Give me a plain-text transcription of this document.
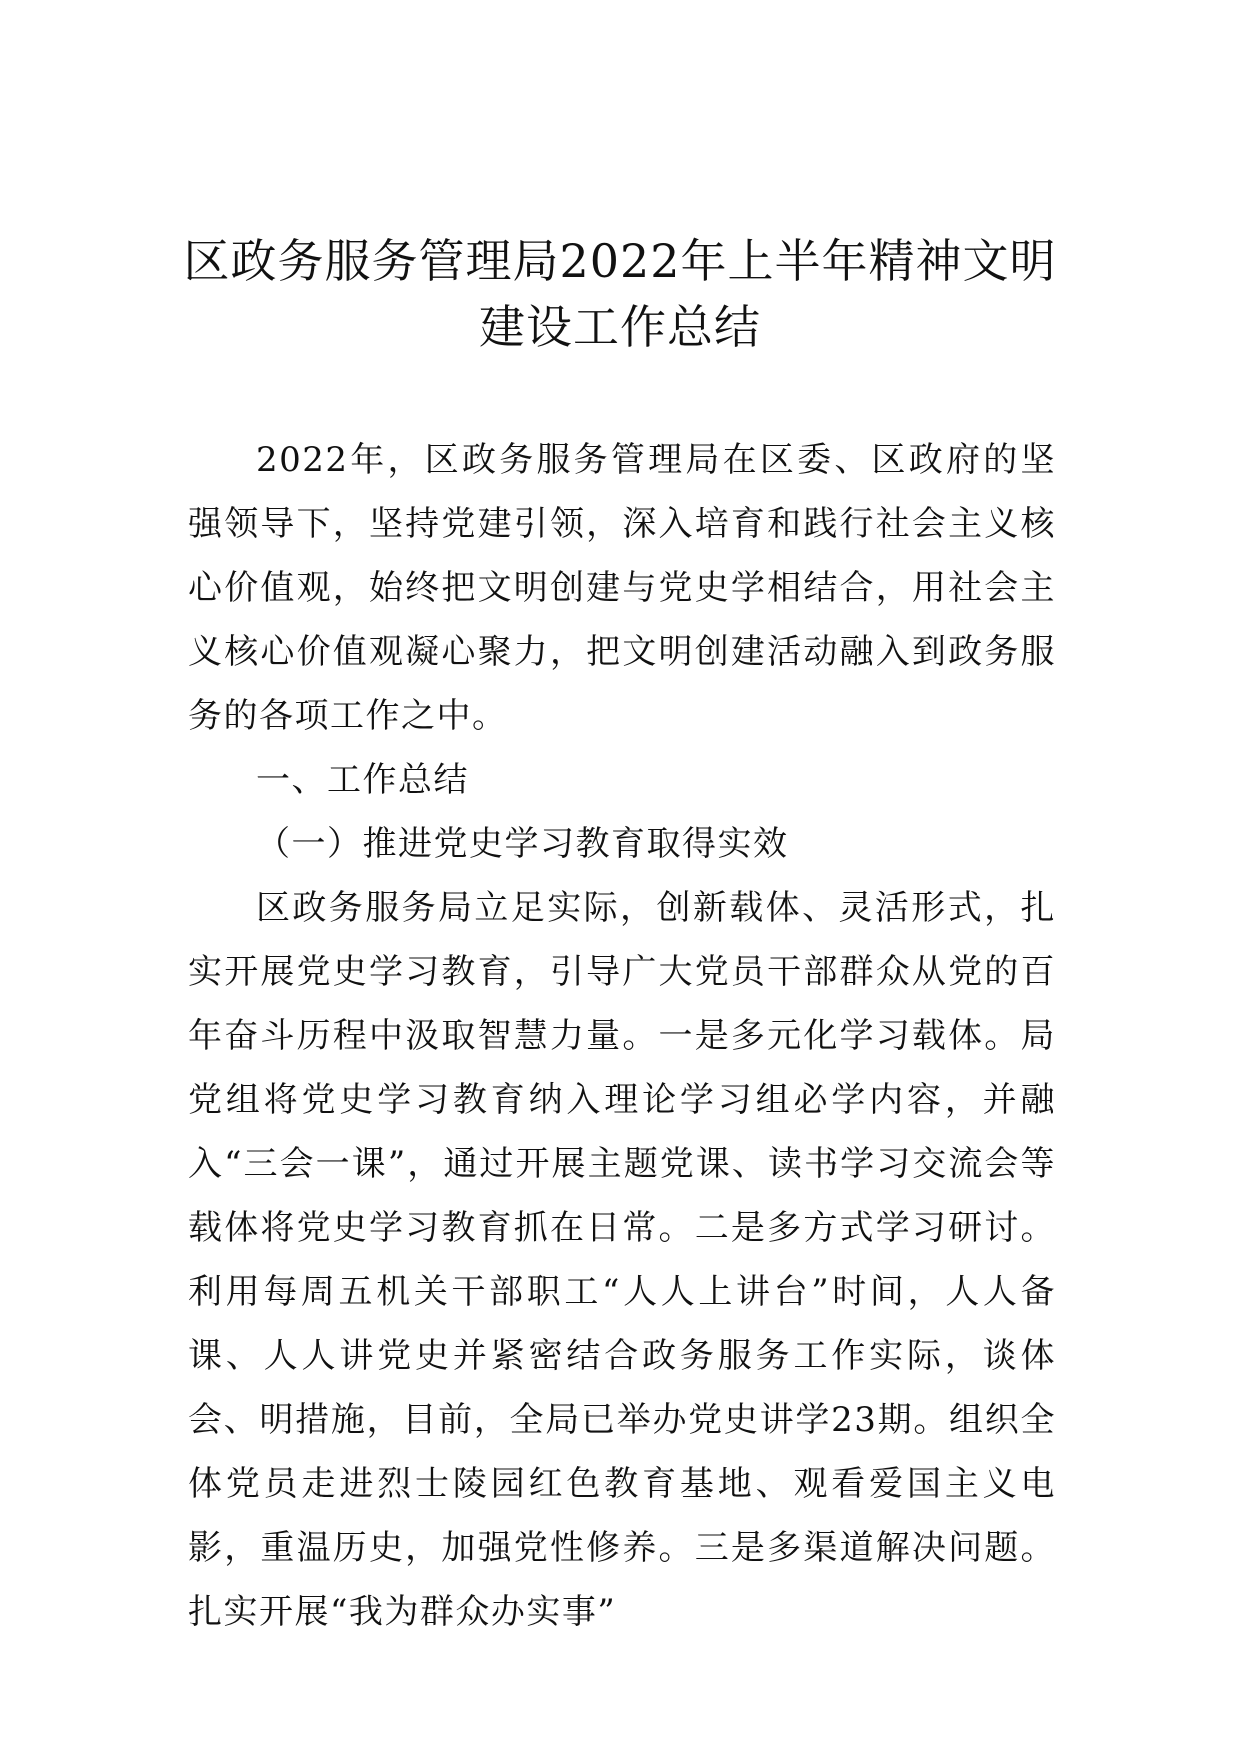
区政务服务管理局2022年上半年精神文明
建设工作总结

2022年，区政务服务管理局在区委、区政府的坚强领导下，坚持党建引领，深入培育和践行社会主义核心价值观，始终把文明创建与党史学相结合，用社会主义核心价值观凝心聚力，把文明创建活动融入到政务服务的各项工作之中。

一、工作总结

（一）推进党史学习教育取得实效

区政务服务局立足实际，创新载体、灵活形式，扎实开展党史学习教育，引导广大党员干部群众从党的百年奋斗历程中汲取智慧力量。一是多元化学习载体。局党组将党史学习教育纳入理论学习组必学内容，并融入“三会一课”，通过开展主题党课、读书学习交流会等载体将党史学习教育抓在日常。二是多方式学习研讨。利用每周五机关干部职工“人人上讲台”时间，人人备课、人人讲党史并紧密结合政务服务工作实际，谈体会、明措施，目前，全局已举办党史讲学23期。组织全体党员走进烈士陵园红色教育基地、观看爱国主义电影，重温历史，加强党性修养。三是多渠道解决问题。扎实开展“我为群众办实事”
